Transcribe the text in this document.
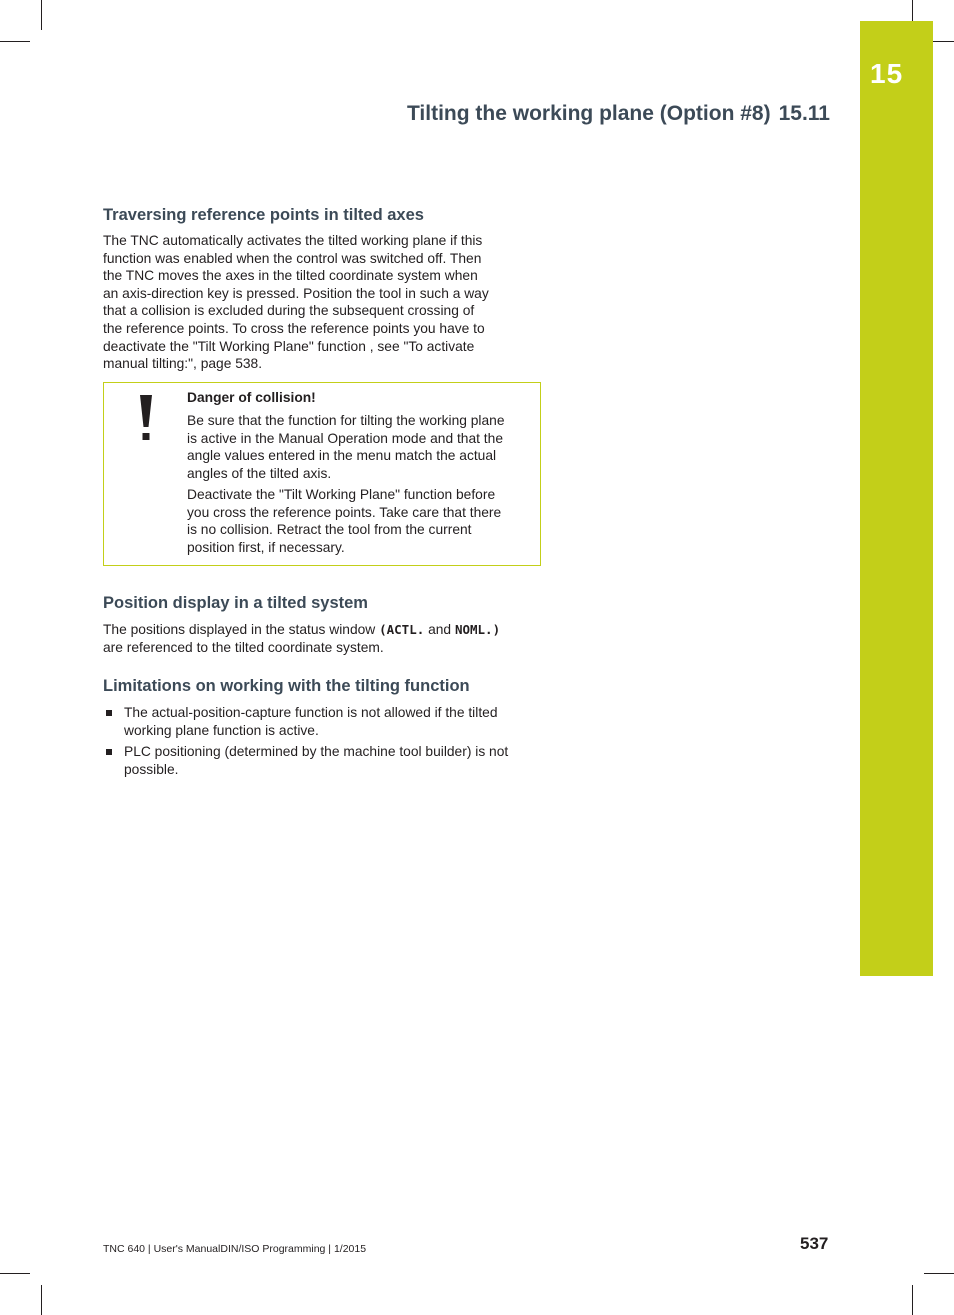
15
Tilting the working plane (Option #8) 15.11
Traversing reference points in tilted axes

The TNC automatically activates the tilted working plane if this
function was enabled when the control was switched off. Then
the TNC moves the axes in the tilted coordinate system when
an axis-direction key is pressed. Position the tool in such a way
that a collision is excluded during the subsequent crossing of
the reference points. To cross the reference points you have to
deactivate the "Tilt Working Plane" function , see "To activate
manual tilting:", page 538.

Danger of collision!

Be sure that the function for tilting the working plane
is active in the Manual Operation mode and that the
angle values entered in the menu match the actual
angles of the tilted axis.

Deactivate the "Tilt Working Plane" function before
you cross the reference points. Take care that there
is no collision. Retract the tool from the current
position first, if necessary.

Position display in a tilted system

The positions displayed in the status window (ACTL. and NOML.)
are referenced to the tilted coordinate system.

Limitations on working with the tilting function
The actual-position-capture function is not allowed if the tilted
working plane function is active.
PLC positioning (determined by the machine tool builder) is not
possible.
TNC 640 | User's ManualDIN/ISO Programming | 1/2015	537
